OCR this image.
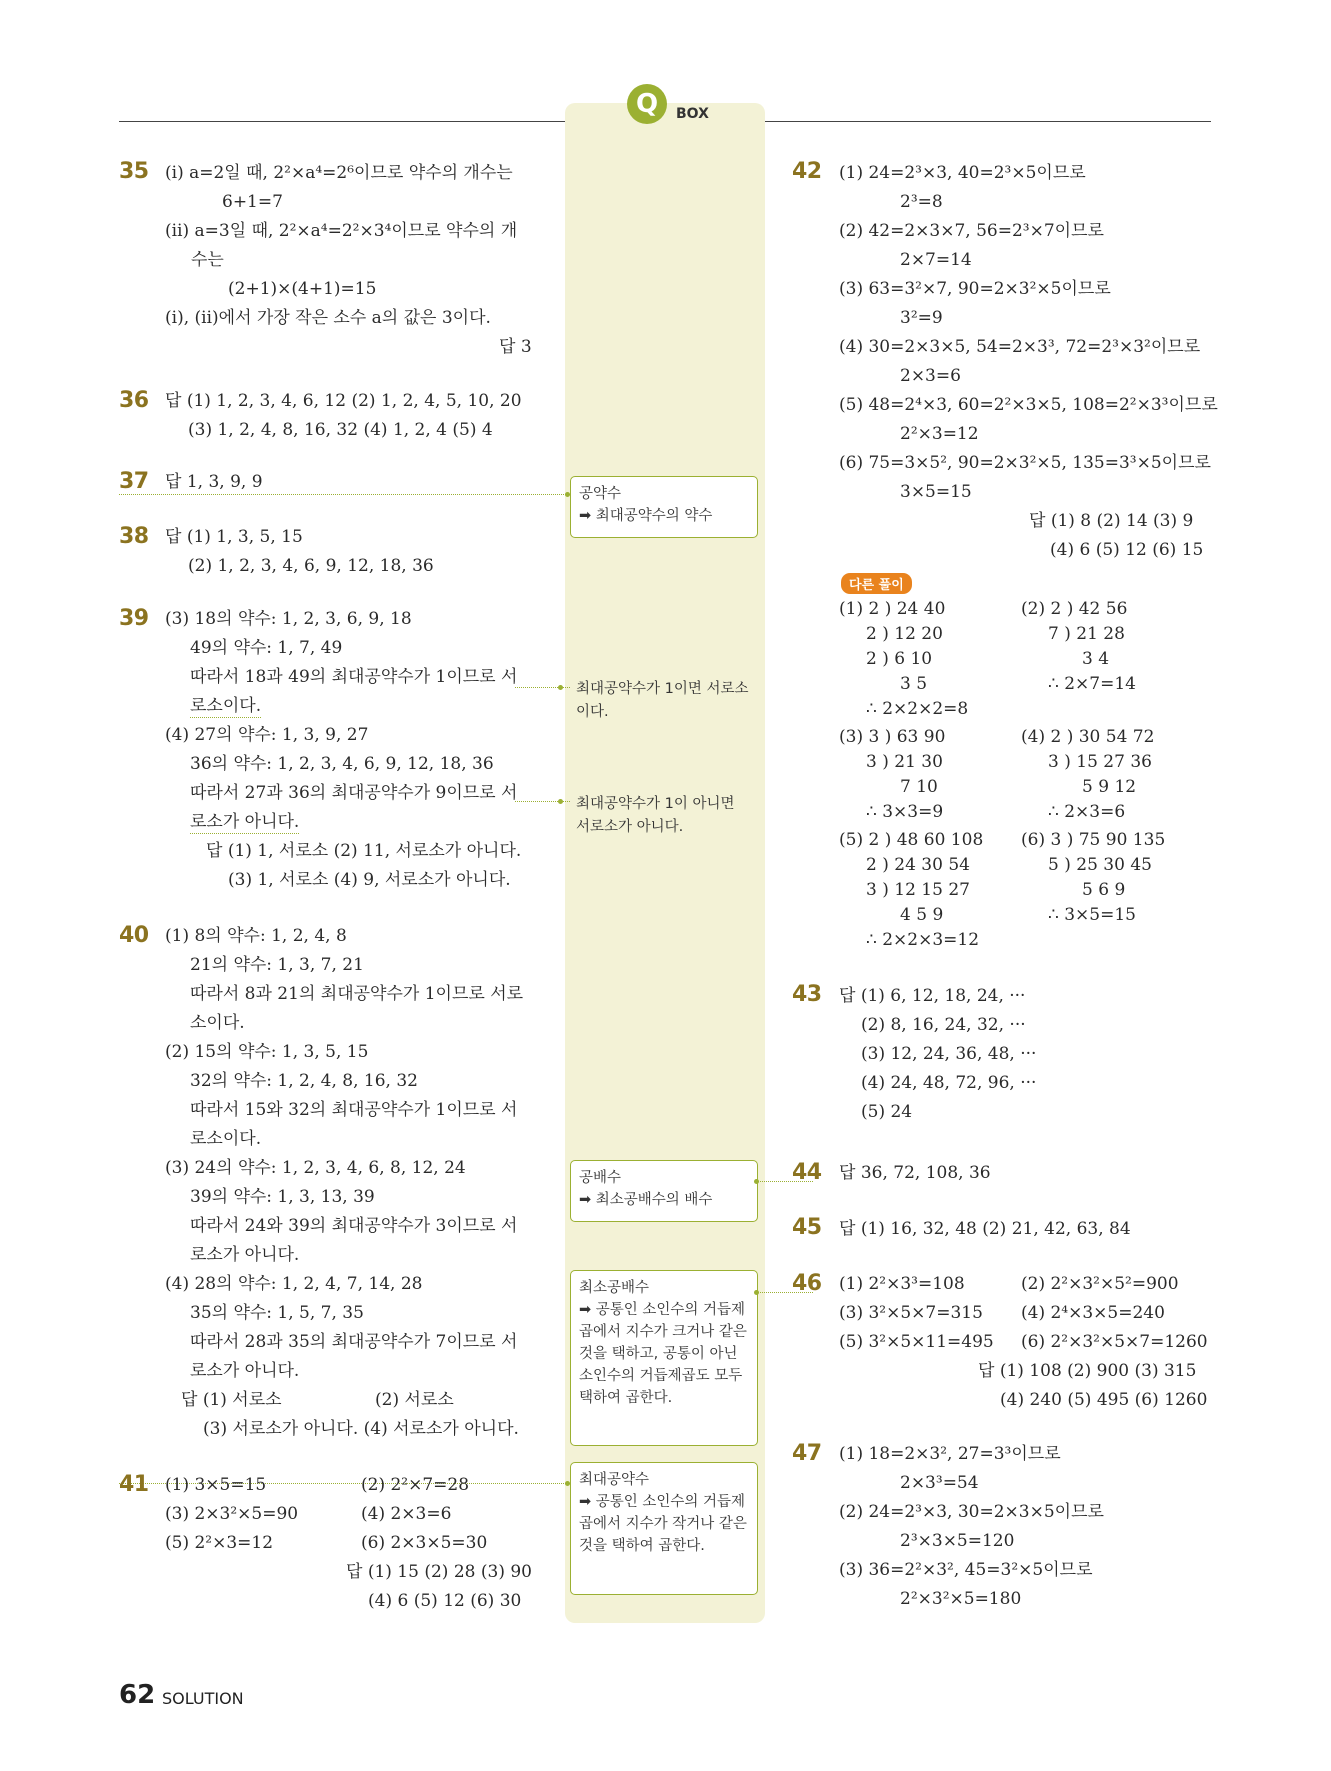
Q	BOX
공약수
➡ 최대공약수의 약수
최대공약수가 1이면 서로소
이다.
최대공약수가 1이 아니면
서로소가 아니다.
공배수
➡ 최소공배수의 배수
최소공배수
➡ 공통인 소인수의 거듭제곱에서 지수가 크거나 같은 것을 택하고, 공통이 아닌 소인수의 거듭제곱도 모두 택하여 곱한다.
최대공약수
➡ 공통인 소인수의 거듭제곱에서 지수가 작거나 같은 것을 택하여 곱한다.
35
36
37
38
39
40
41
(ⅰ) a=2일 때, 2²×a⁴=2⁶이므로 약수의 개수는
6+1=7
(ⅱ) a=3일 때, 2²×a⁴=2²×3⁴이므로 약수의 개
수는
(2+1)×(4+1)=15
(ⅰ), (ⅱ)에서 가장 작은 소수 a의 값은 3이다.
답 3
답 (1) 1, 2, 3, 4, 6, 12 (2) 1, 2, 4, 5, 10, 20
(3) 1, 2, 4, 8, 16, 32 (4) 1, 2, 4 (5) 4
답 1, 3, 9, 9
답 (1) 1, 3, 5, 15
(2) 1, 2, 3, 4, 6, 9, 12, 18, 36
(3) 18의 약수: 1, 2, 3, 6, 9, 18
49의 약수: 1, 7, 49
따라서 18과 49의 최대공약수가 1이므로 서
로소이다.
(4) 27의 약수: 1, 3, 9, 27
36의 약수: 1, 2, 3, 4, 6, 9, 12, 18, 36
따라서 27과 36의 최대공약수가 9이므로 서
로소가 아니다.
답 (1) 1, 서로소 (2) 11, 서로소가 아니다.
(3) 1, 서로소 (4) 9, 서로소가 아니다.
(1) 8의 약수: 1, 2, 4, 8
21의 약수: 1, 3, 7, 21
따라서 8과 21의 최대공약수가 1이므로 서로
소이다.
(2) 15의 약수: 1, 3, 5, 15
32의 약수: 1, 2, 4, 8, 16, 32
따라서 15와 32의 최대공약수가 1이므로 서
로소이다.
(3) 24의 약수: 1, 2, 3, 4, 6, 8, 12, 24
39의 약수: 1, 3, 13, 39
따라서 24와 39의 최대공약수가 3이므로 서
로소가 아니다.
(4) 28의 약수: 1, 2, 4, 7, 14, 28
35의 약수: 1, 5, 7, 35
따라서 28과 35의 최대공약수가 7이므로 서
로소가 아니다.
답 (1) 서로소	(2) 서로소
(3) 서로소가 아니다. (4) 서로소가 아니다.
(1) 3×5=15	(2) 2²×7=28
(3) 2×3²×5=90	(4) 2×3=6
(5) 2²×3=12	(6) 2×3×5=30
답 (1) 15 (2) 28 (3) 90
(4) 6 (5) 12 (6) 30
42
43
44
45
46
47
(1) 24=2³×3, 40=2³×5이므로
2³=8
(2) 42=2×3×7, 56=2³×7이므로
2×7=14
(3) 63=3²×7, 90=2×3²×5이므로
3²=9
(4) 30=2×3×5, 54=2×3³, 72=2³×3²이므로
2×3=6
(5) 48=2⁴×3, 60=2²×3×5, 108=2²×3³이므로
2²×3=12
(6) 75=3×5², 90=2×3²×5, 135=3³×5이므로
3×5=15
답 (1) 8 (2) 14 (3) 9
(4) 6 (5) 12 (6) 15
다른 풀이
(1) 2 ) 24 40
2 ) 12 20
2 ) 6 10
3 5
∴ 2×2×2=8
(2) 2 ) 42 56
7 ) 21 28
3 4
∴ 2×7=14
(3) 3 ) 63 90
3 ) 21 30
7 10
∴ 3×3=9
(4) 2 ) 30 54 72
3 ) 15 27 36
5 9 12
∴ 2×3=6
(5) 2 ) 48 60 108
2 ) 24 30 54
3 ) 12 15 27
4 5 9
∴ 2×2×3=12
(6) 3 ) 75 90 135
5 ) 25 30 45
5 6 9
∴ 3×5=15
답 (1) 6, 12, 18, 24, ···
(2) 8, 16, 24, 32, ···
(3) 12, 24, 36, 48, ···
(4) 24, 48, 72, 96, ···
(5) 24
답 36, 72, 108, 36
답 (1) 16, 32, 48 (2) 21, 42, 63, 84
(1) 2²×3³=108	(2) 2²×3²×5²=900
(3) 3²×5×7=315 (4) 2⁴×3×5=240
(5) 3²×5×11=495 (6) 2²×3²×5×7=1260
답 (1) 108 (2) 900 (3) 315
(4) 240 (5) 495 (6) 1260
(1) 18=2×3², 27=3³이므로
2×3³=54
(2) 24=2³×3, 30=2×3×5이므로
2³×3×5=120
(3) 36=2²×3², 45=3²×5이므로
2²×3²×5=180
62 SOLUTION
